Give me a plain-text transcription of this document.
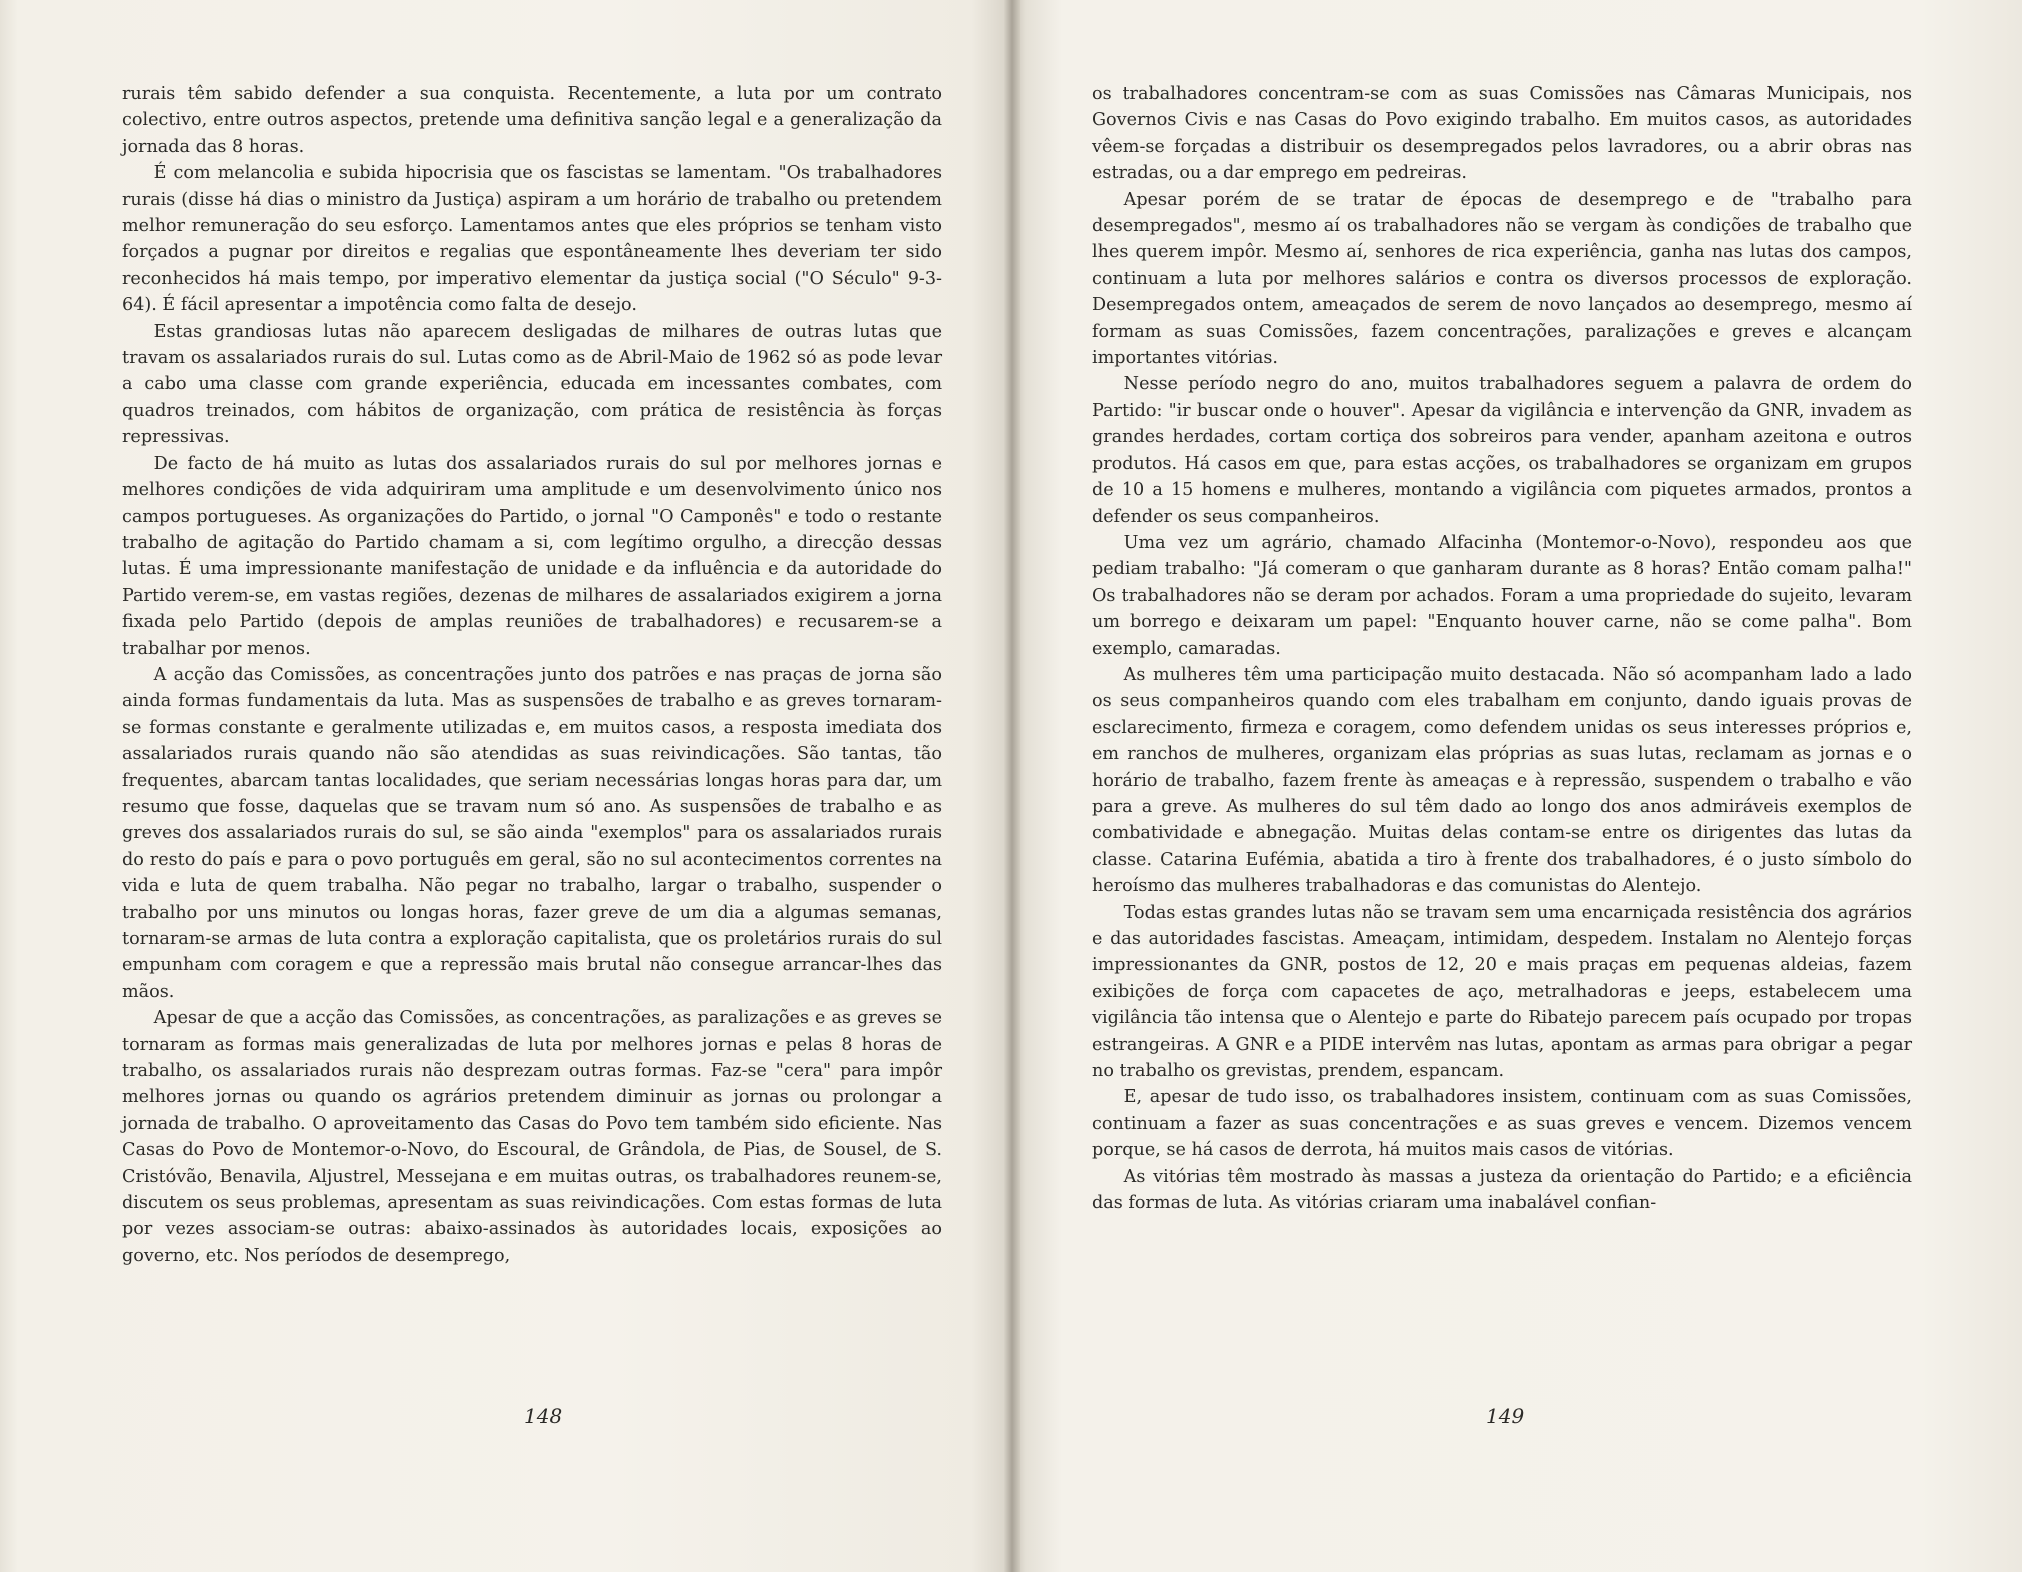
rurais têm sabido defender a sua conquista. Recentemente, a luta por um contrato colectivo, entre outros aspectos, pretende uma definitiva sanção legal e a generalização da jornada das 8 horas.

É com melancolia e subida hipocrisia que os fascistas se lamentam. "Os trabalhadores rurais (disse há dias o ministro da Justiça) aspiram a um horário de trabalho ou pretendem melhor remuneração do seu esforço. Lamentamos antes que eles próprios se tenham visto forçados a pugnar por direitos e regalias que espontâneamente lhes deveriam ter sido reconhecidos há mais tempo, por imperativo elementar da justiça social ("O Século" 9-3-64). É fácil apresentar a impotência como falta de desejo.

Estas grandiosas lutas não aparecem desligadas de milhares de outras lutas que travam os assalariados rurais do sul. Lutas como as de Abril-Maio de 1962 só as pode levar a cabo uma classe com grande experiência, educada em incessantes combates, com quadros treinados, com hábitos de organização, com prática de resistência às forças repressivas.

De facto de há muito as lutas dos assalariados rurais do sul por melhores jornas e melhores condições de vida adquiriram uma amplitude e um desenvolvimento único nos campos portugueses. As organizações do Partido, o jornal "O Camponês" e todo o restante trabalho de agitação do Partido chamam a si, com legítimo orgulho, a direcção dessas lutas. É uma impressionante manifestação de unidade e da influência e da autoridade do Partido verem-se, em vastas regiões, dezenas de milhares de assalariados exigirem a jorna fixada pelo Partido (depois de amplas reuniões de trabalhadores) e recusarem-se a trabalhar por menos.

A acção das Comissões, as concentrações junto dos patrões e nas praças de jorna são ainda formas fundamentais da luta. Mas as suspensões de trabalho e as greves tornaram-se formas constante e geralmente utilizadas e, em muitos casos, a resposta imediata dos assalariados rurais quando não são atendidas as suas reivindicações. São tantas, tão frequentes, abarcam tantas localidades, que seriam necessárias longas horas para dar, um resumo que fosse, daquelas que se travam num só ano. As suspensões de trabalho e as greves dos assalariados rurais do sul, se são ainda "exemplos" para os assalariados rurais do resto do país e para o povo português em geral, são no sul acontecimentos correntes na vida e luta de quem trabalha. Não pegar no trabalho, largar o trabalho, suspender o trabalho por uns minutos ou longas horas, fazer greve de um dia a algumas semanas, tornaram-se armas de luta contra a exploração capitalista, que os proletários rurais do sul empunham com coragem e que a repressão mais brutal não consegue arrancar-lhes das mãos.

Apesar de que a acção das Comissões, as concentrações, as paralizações e as greves se tornaram as formas mais generalizadas de luta por melhores jornas e pelas 8 horas de trabalho, os assalariados rurais não desprezam outras formas. Faz-se "cera" para impôr melhores jornas ou quando os agrários pretendem diminuir as jornas ou prolongar a jornada de trabalho. O aproveitamento das Casas do Povo tem também sido eficiente. Nas Casas do Povo de Montemor-o-Novo, do Escoural, de Grândola, de Pias, de Sousel, de S. Cristóvão, Benavila, Aljustrel, Messejana e em muitas outras, os trabalhadores reunem-se, discutem os seus problemas, apresentam as suas reivindicações. Com estas formas de luta por vezes associam-se outras: abaixo-assinados às autoridades locais, exposições ao governo, etc. Nos períodos de desemprego,

148

os trabalhadores concentram-se com as suas Comissões nas Câmaras Municipais, nos Governos Civis e nas Casas do Povo exigindo trabalho. Em muitos casos, as autoridades vêem-se forçadas a distribuir os desempregados pelos lavradores, ou a abrir obras nas estradas, ou a dar emprego em pedreiras.

Apesar porém de se tratar de épocas de desemprego e de "trabalho para desempregados", mesmo aí os trabalhadores não se vergam às condições de trabalho que lhes querem impôr. Mesmo aí, senhores de rica experiência, ganha nas lutas dos campos, continuam a luta por melhores salários e contra os diversos processos de exploração. Desempregados ontem, ameaçados de serem de novo lançados ao desemprego, mesmo aí formam as suas Comissões, fazem concentrações, paralizações e greves e alcançam importantes vitórias.

Nesse período negro do ano, muitos trabalhadores seguem a palavra de ordem do Partido: "ir buscar onde o houver". Apesar da vigilância e intervenção da GNR, invadem as grandes herdades, cortam cortiça dos sobreiros para vender, apanham azeitona e outros produtos. Há casos em que, para estas acções, os trabalhadores se organizam em grupos de 10 a 15 homens e mulheres, montando a vigilância com piquetes armados, prontos a defender os seus companheiros.

Uma vez um agrário, chamado Alfacinha (Montemor-o-Novo), respondeu aos que pediam trabalho: "Já comeram o que ganharam durante as 8 horas? Então comam palha!" Os trabalhadores não se deram por achados. Foram a uma propriedade do sujeito, levaram um borrego e deixaram um papel: "Enquanto houver carne, não se come palha". Bom exemplo, camaradas.

As mulheres têm uma participação muito destacada. Não só acompanham lado a lado os seus companheiros quando com eles trabalham em conjunto, dando iguais provas de esclarecimento, firmeza e coragem, como defendem unidas os seus interesses próprios e, em ranchos de mulheres, organizam elas próprias as suas lutas, reclamam as jornas e o horário de trabalho, fazem frente às ameaças e à repressão, suspendem o trabalho e vão para a greve. As mulheres do sul têm dado ao longo dos anos admiráveis exemplos de combatividade e abnegação. Muitas delas contam-se entre os dirigentes das lutas da classe. Catarina Eufémia, abatida a tiro à frente dos trabalhadores, é o justo símbolo do heroísmo das mulheres trabalhadoras e das comunistas do Alentejo.

Todas estas grandes lutas não se travam sem uma encarniçada resistência dos agrários e das autoridades fascistas. Ameaçam, intimidam, despedem. Instalam no Alentejo forças impressionantes da GNR, postos de 12, 20 e mais praças em pequenas aldeias, fazem exibições de força com capacetes de aço, metralhadoras e jeeps, estabelecem uma vigilância tão intensa que o Alentejo e parte do Ribatejo parecem país ocupado por tropas estrangeiras. A GNR e a PIDE intervêm nas lutas, apontam as armas para obrigar a pegar no trabalho os grevistas, prendem, espancam.

E, apesar de tudo isso, os trabalhadores insistem, continuam com as suas Comissões, continuam a fazer as suas concentrações e as suas greves e vencem. Dizemos vencem porque, se há casos de derrota, há muitos mais casos de vitórias.

As vitórias têm mostrado às massas a justeza da orientação do Partido; e a eficiência das formas de luta. As vitórias criaram uma inabalável confian-

149
